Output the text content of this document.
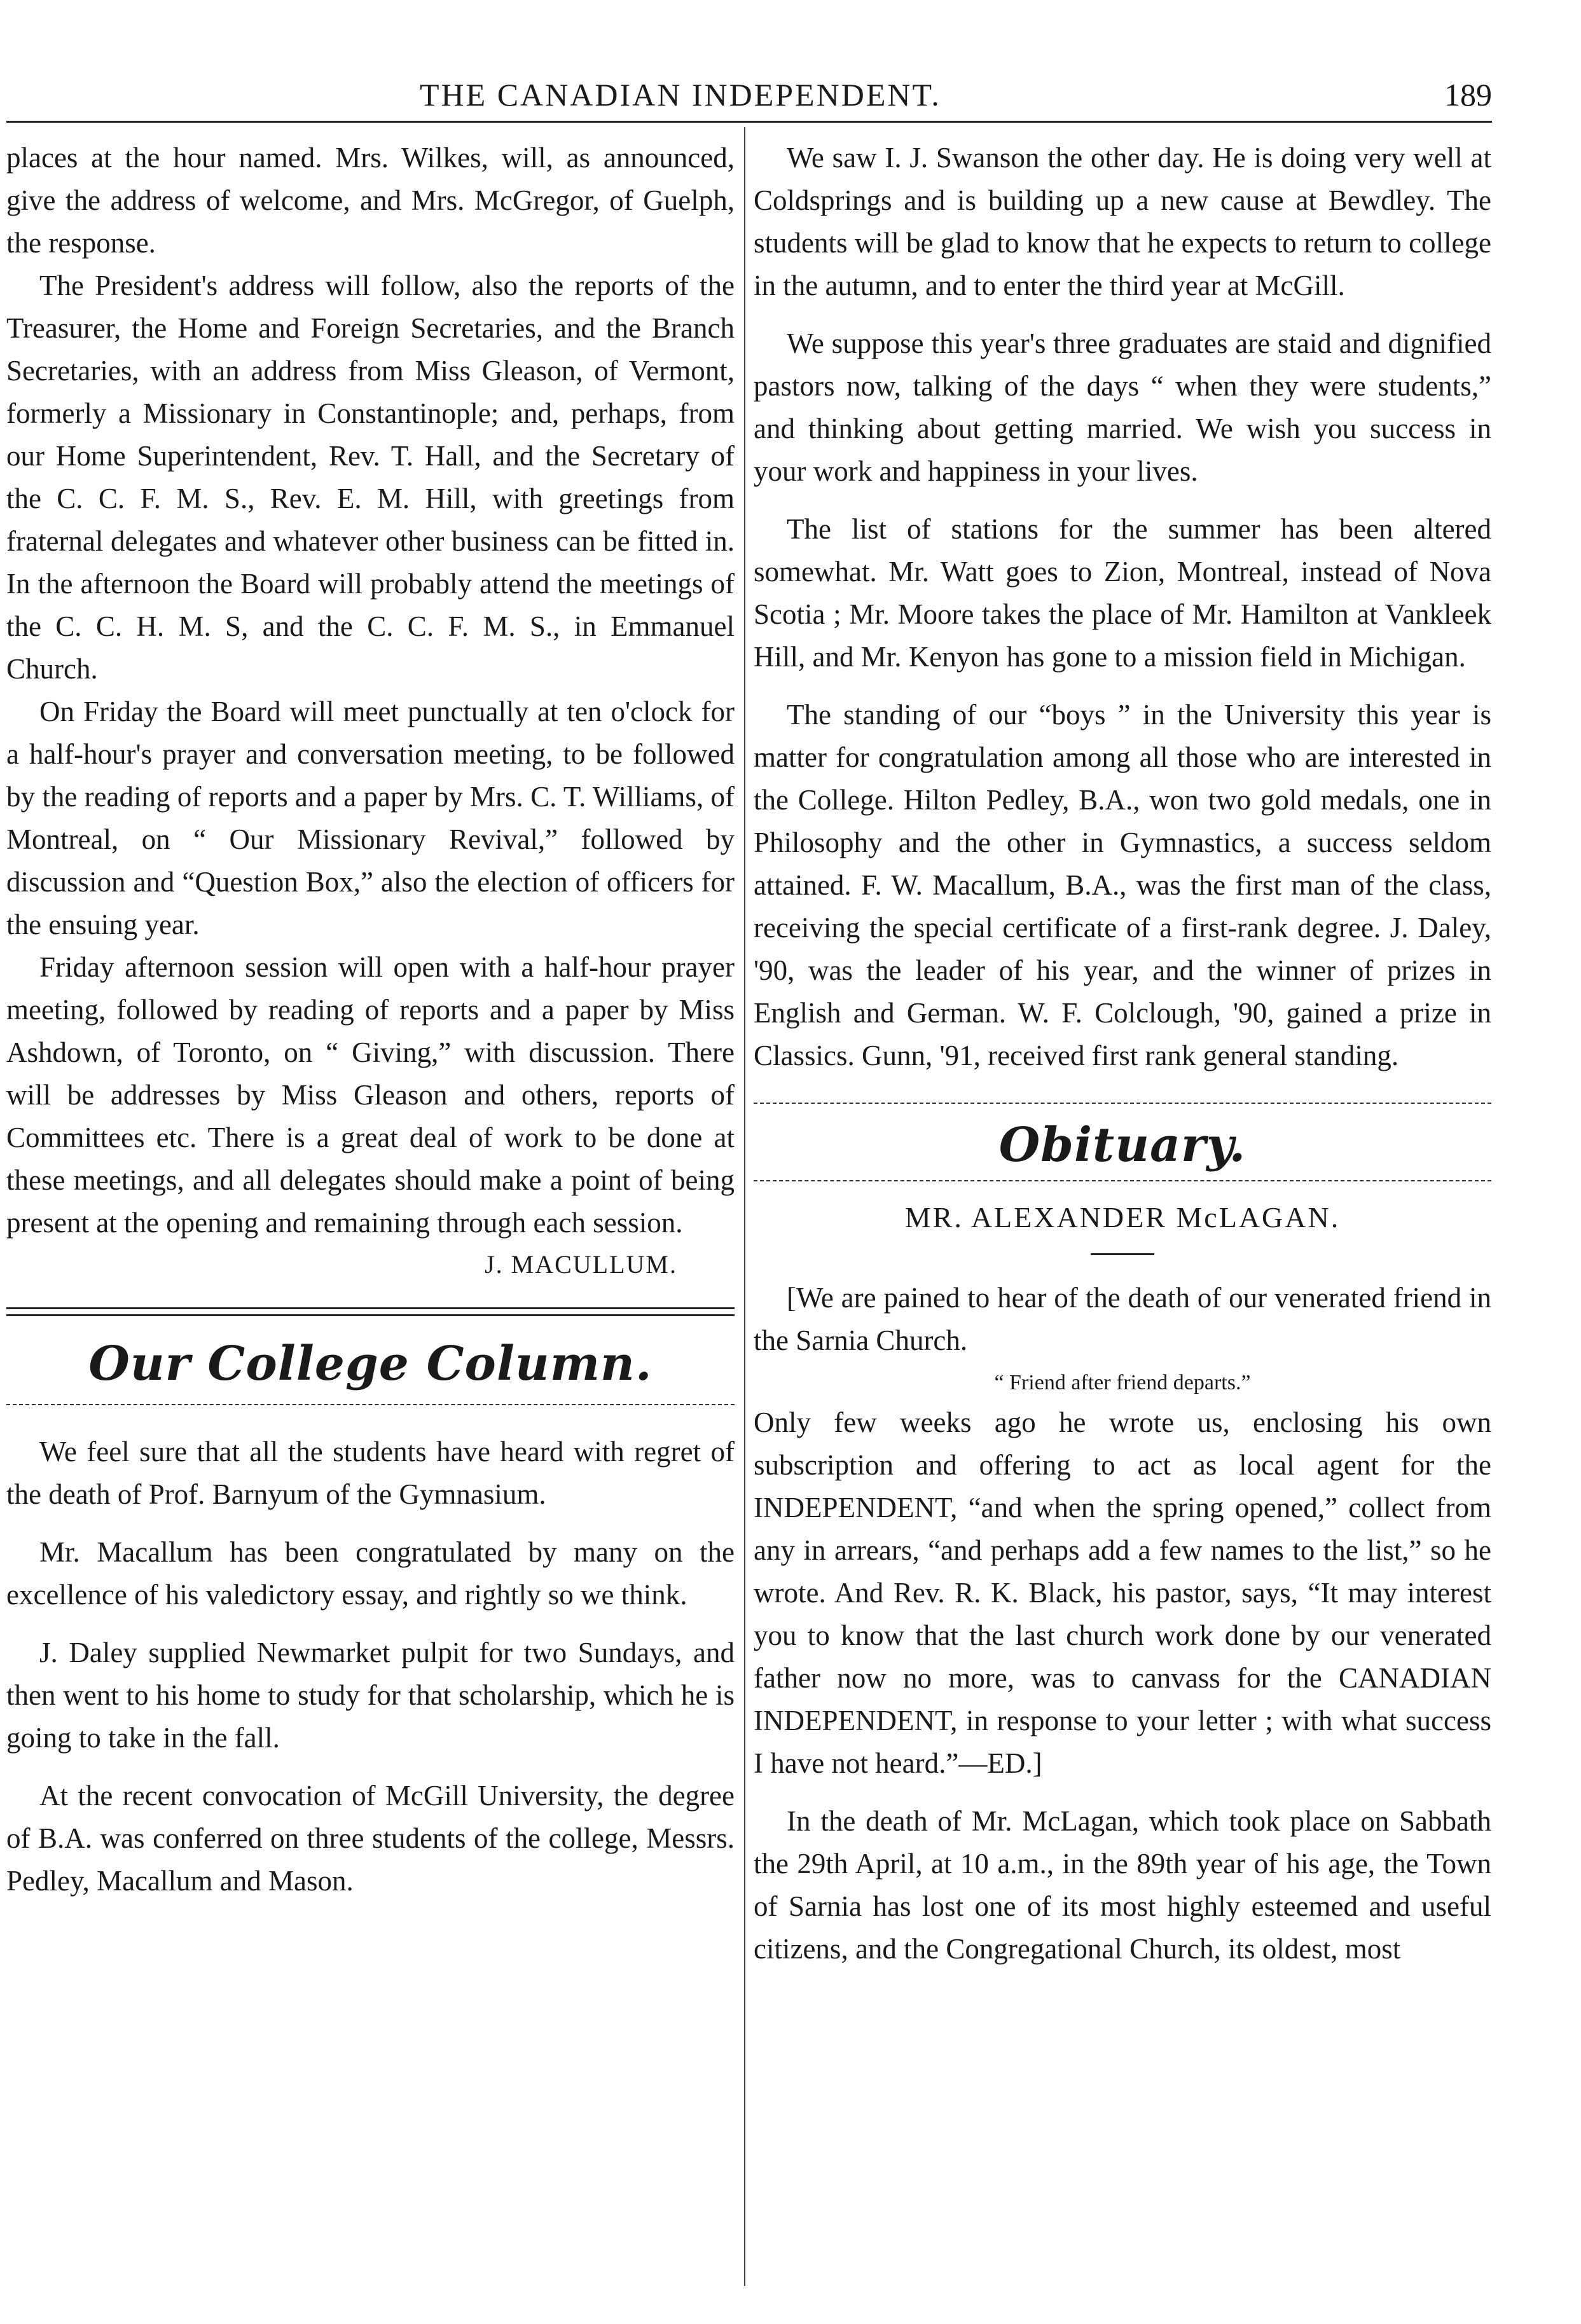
THE CANADIAN INDEPENDENT.	189

places at the hour named. Mrs. Wilkes, will, as announced, give the address of welcome, and Mrs. McGregor, of Guelph, the response.

The President's address will follow, also the reports of the Treasurer, the Home and Foreign Secretaries, and the Branch Secretaries, with an address from Miss Gleason, of Vermont, formerly a Missionary in Constantinople; and, perhaps, from our Home Superintendent, Rev. T. Hall, and the Secretary of the C. C. F. M. S., Rev. E. M. Hill, with greetings from fraternal delegates and whatever other business can be fitted in. In the afternoon the Board will probably attend the meetings of the C. C. H. M. S, and the C. C. F. M. S., in Emmanuel Church.

On Friday the Board will meet punctually at ten o'clock for a half-hour's prayer and conversation meeting, to be followed by the reading of reports and a paper by Mrs. C. T. Williams, of Montreal, on “ Our Missionary Revival,” followed by discussion and “Question Box,” also the election of officers for the ensuing year.

Friday afternoon session will open with a half-hour prayer meeting, followed by reading of reports and a paper by Miss Ashdown, of Toronto, on “ Giving,” with discussion. There will be addresses by Miss Gleason and others, reports of Committees etc. There is a great deal of work to be done at these meetings, and all delegates should make a point of being present at the opening and remaining through each session.

J. MACULLUM.
Our College Column.

We feel sure that all the students have heard with regret of the death of Prof. Barnyum of the Gymnasium.

Mr. Macallum has been congratulated by many on the excellence of his valedictory essay, and rightly so we think.

J. Daley supplied Newmarket pulpit for two Sundays, and then went to his home to study for that scholarship, which he is going to take in the fall.

At the recent convocation of McGill University, the degree of B.A. was conferred on three students of the college, Messrs. Pedley, Macallum and Mason.

We saw I. J. Swanson the other day. He is doing very well at Coldsprings and is building up a new cause at Bewdley. The students will be glad to know that he expects to return to college in the autumn, and to enter the third year at McGill.

We suppose this year's three graduates are staid and dignified pastors now, talking of the days “ when they were students,” and thinking about getting married. We wish you success in your work and happiness in your lives.

The list of stations for the summer has been altered somewhat. Mr. Watt goes to Zion, Montreal, instead of Nova Scotia ; Mr. Moore takes the place of Mr. Hamilton at Vankleek Hill, and Mr. Kenyon has gone to a mission field in Michigan.

The standing of our “boys ” in the University this year is matter for congratulation among all those who are interested in the College. Hilton Pedley, B.A., won two gold medals, one in Philosophy and the other in Gymnastics, a success seldom attained. F. W. Macallum, B.A., was the first man of the class, receiving the special certificate of a first-rank degree. J. Daley, '90, was the leader of his year, and the winner of prizes in English and German. W. F. Colclough, '90, gained a prize in Classics. Gunn, '91, received first rank general standing.

Obituary.
MR. ALEXANDER McLAGAN.

[We are pained to hear of the death of our venerated friend in the Sarnia Church.

“ Friend after friend departs.”

Only few weeks ago he wrote us, enclosing his own subscription and offering to act as local agent for the INDEPENDENT, “and when the spring opened,” collect from any in arrears, “and perhaps add a few names to the list,” so he wrote. And Rev. R. K. Black, his pastor, says, “It may interest you to know that the last church work done by our venerated father now no more, was to canvass for the CANADIAN INDEPENDENT, in response to your letter ; with what success I have not heard.”—ED.]

In the death of Mr. McLagan, which took place on Sabbath the 29th April, at 10 a.m., in the 89th year of his age, the Town of Sarnia has lost one of its most highly esteemed and useful citizens, and the Congregational Church, its oldest, most
